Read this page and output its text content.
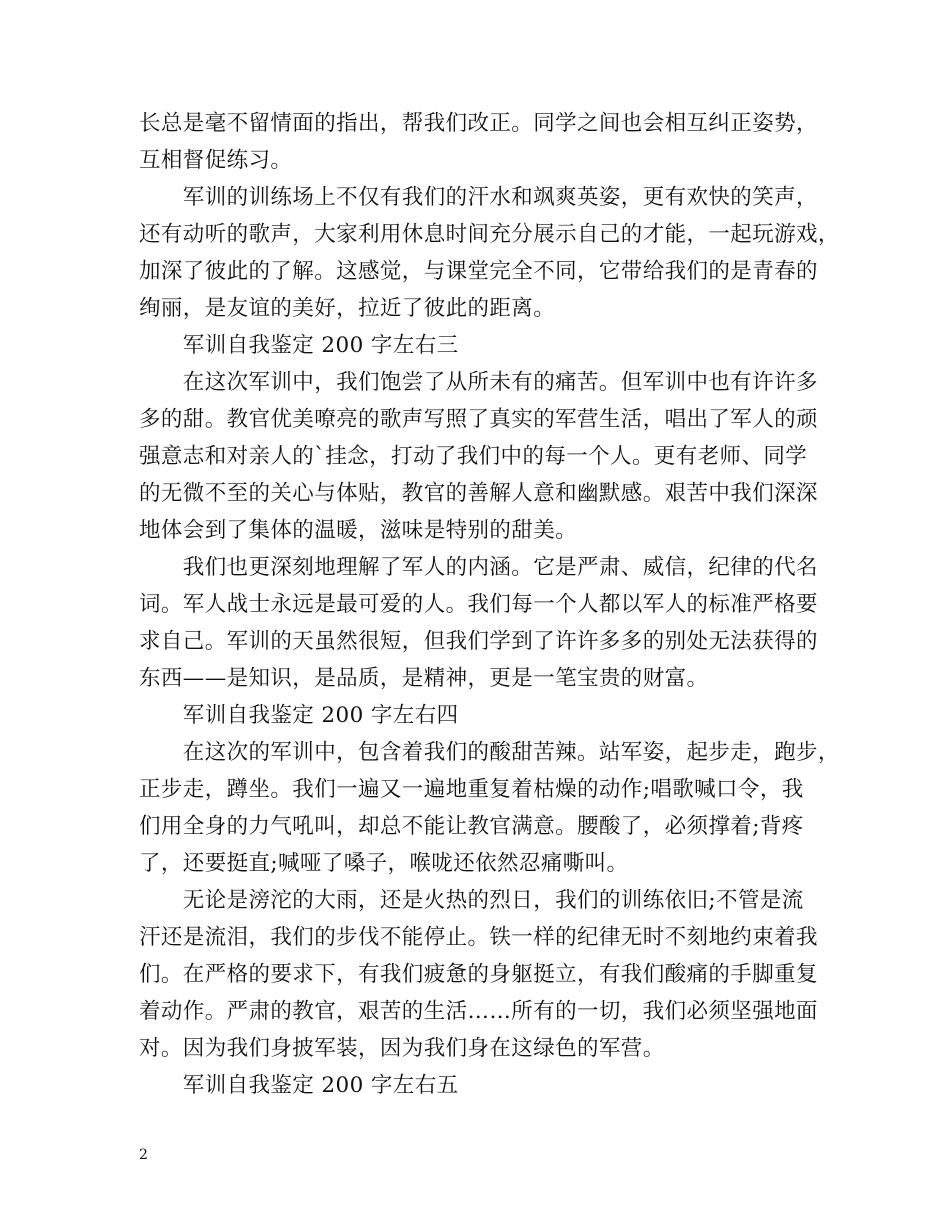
长总是毫不留情面的指出，帮我们改正。同学之间也会相互纠正姿势，
互相督促练习。
　　军训的训练场上不仅有我们的汗水和飒爽英姿，更有欢快的笑声，
还有动听的歌声，大家利用休息时间充分展示自己的才能，一起玩游戏，
加深了彼此的了解。这感觉，与课堂完全不同，它带给我们的是青春的
绚丽，是友谊的美好，拉近了彼此的距离。
　　军训自我鉴定 200 字左右三
　　在这次军训中，我们饱尝了从所未有的痛苦。但军训中也有许许多
多的甜。教官优美嘹亮的歌声写照了真实的军营生活，唱出了军人的顽
强意志和对亲人的`挂念，打动了我们中的每一个人。更有老师、同学
的无微不至的关心与体贴，教官的善解人意和幽默感。艰苦中我们深深
地体会到了集体的温暖，滋味是特别的甜美。
　　我们也更深刻地理解了军人的内涵。它是严肃、威信，纪律的代名
词。军人战士永远是最可爱的人。我们每一个人都以军人的标准严格要
求自己。军训的天虽然很短，但我们学到了许许多多的别处无法获得的
东西——是知识，是品质，是精神，更是一笔宝贵的财富。
　　军训自我鉴定 200 字左右四
　　在这次的军训中，包含着我们的酸甜苦辣。站军姿，起步走，跑步，
正步走，蹲坐。我们一遍又一遍地重复着枯燥的动作;唱歌喊口令，我
们用全身的力气吼叫，却总不能让教官满意。腰酸了，必须撑着;背疼
了，还要挺直;喊哑了嗓子，喉咙还依然忍痛嘶叫。
　　无论是滂沱的大雨，还是火热的烈日，我们的训练依旧;不管是流
汗还是流泪，我们的步伐不能停止。铁一样的纪律无时不刻地约束着我
们。在严格的要求下，有我们疲惫的身躯挺立，有我们酸痛的手脚重复
着动作。严肃的教官，艰苦的生活……所有的一切，我们必须坚强地面
对。因为我们身披军装，因为我们身在这绿色的军营。
　　军训自我鉴定 200 字左右五
2
